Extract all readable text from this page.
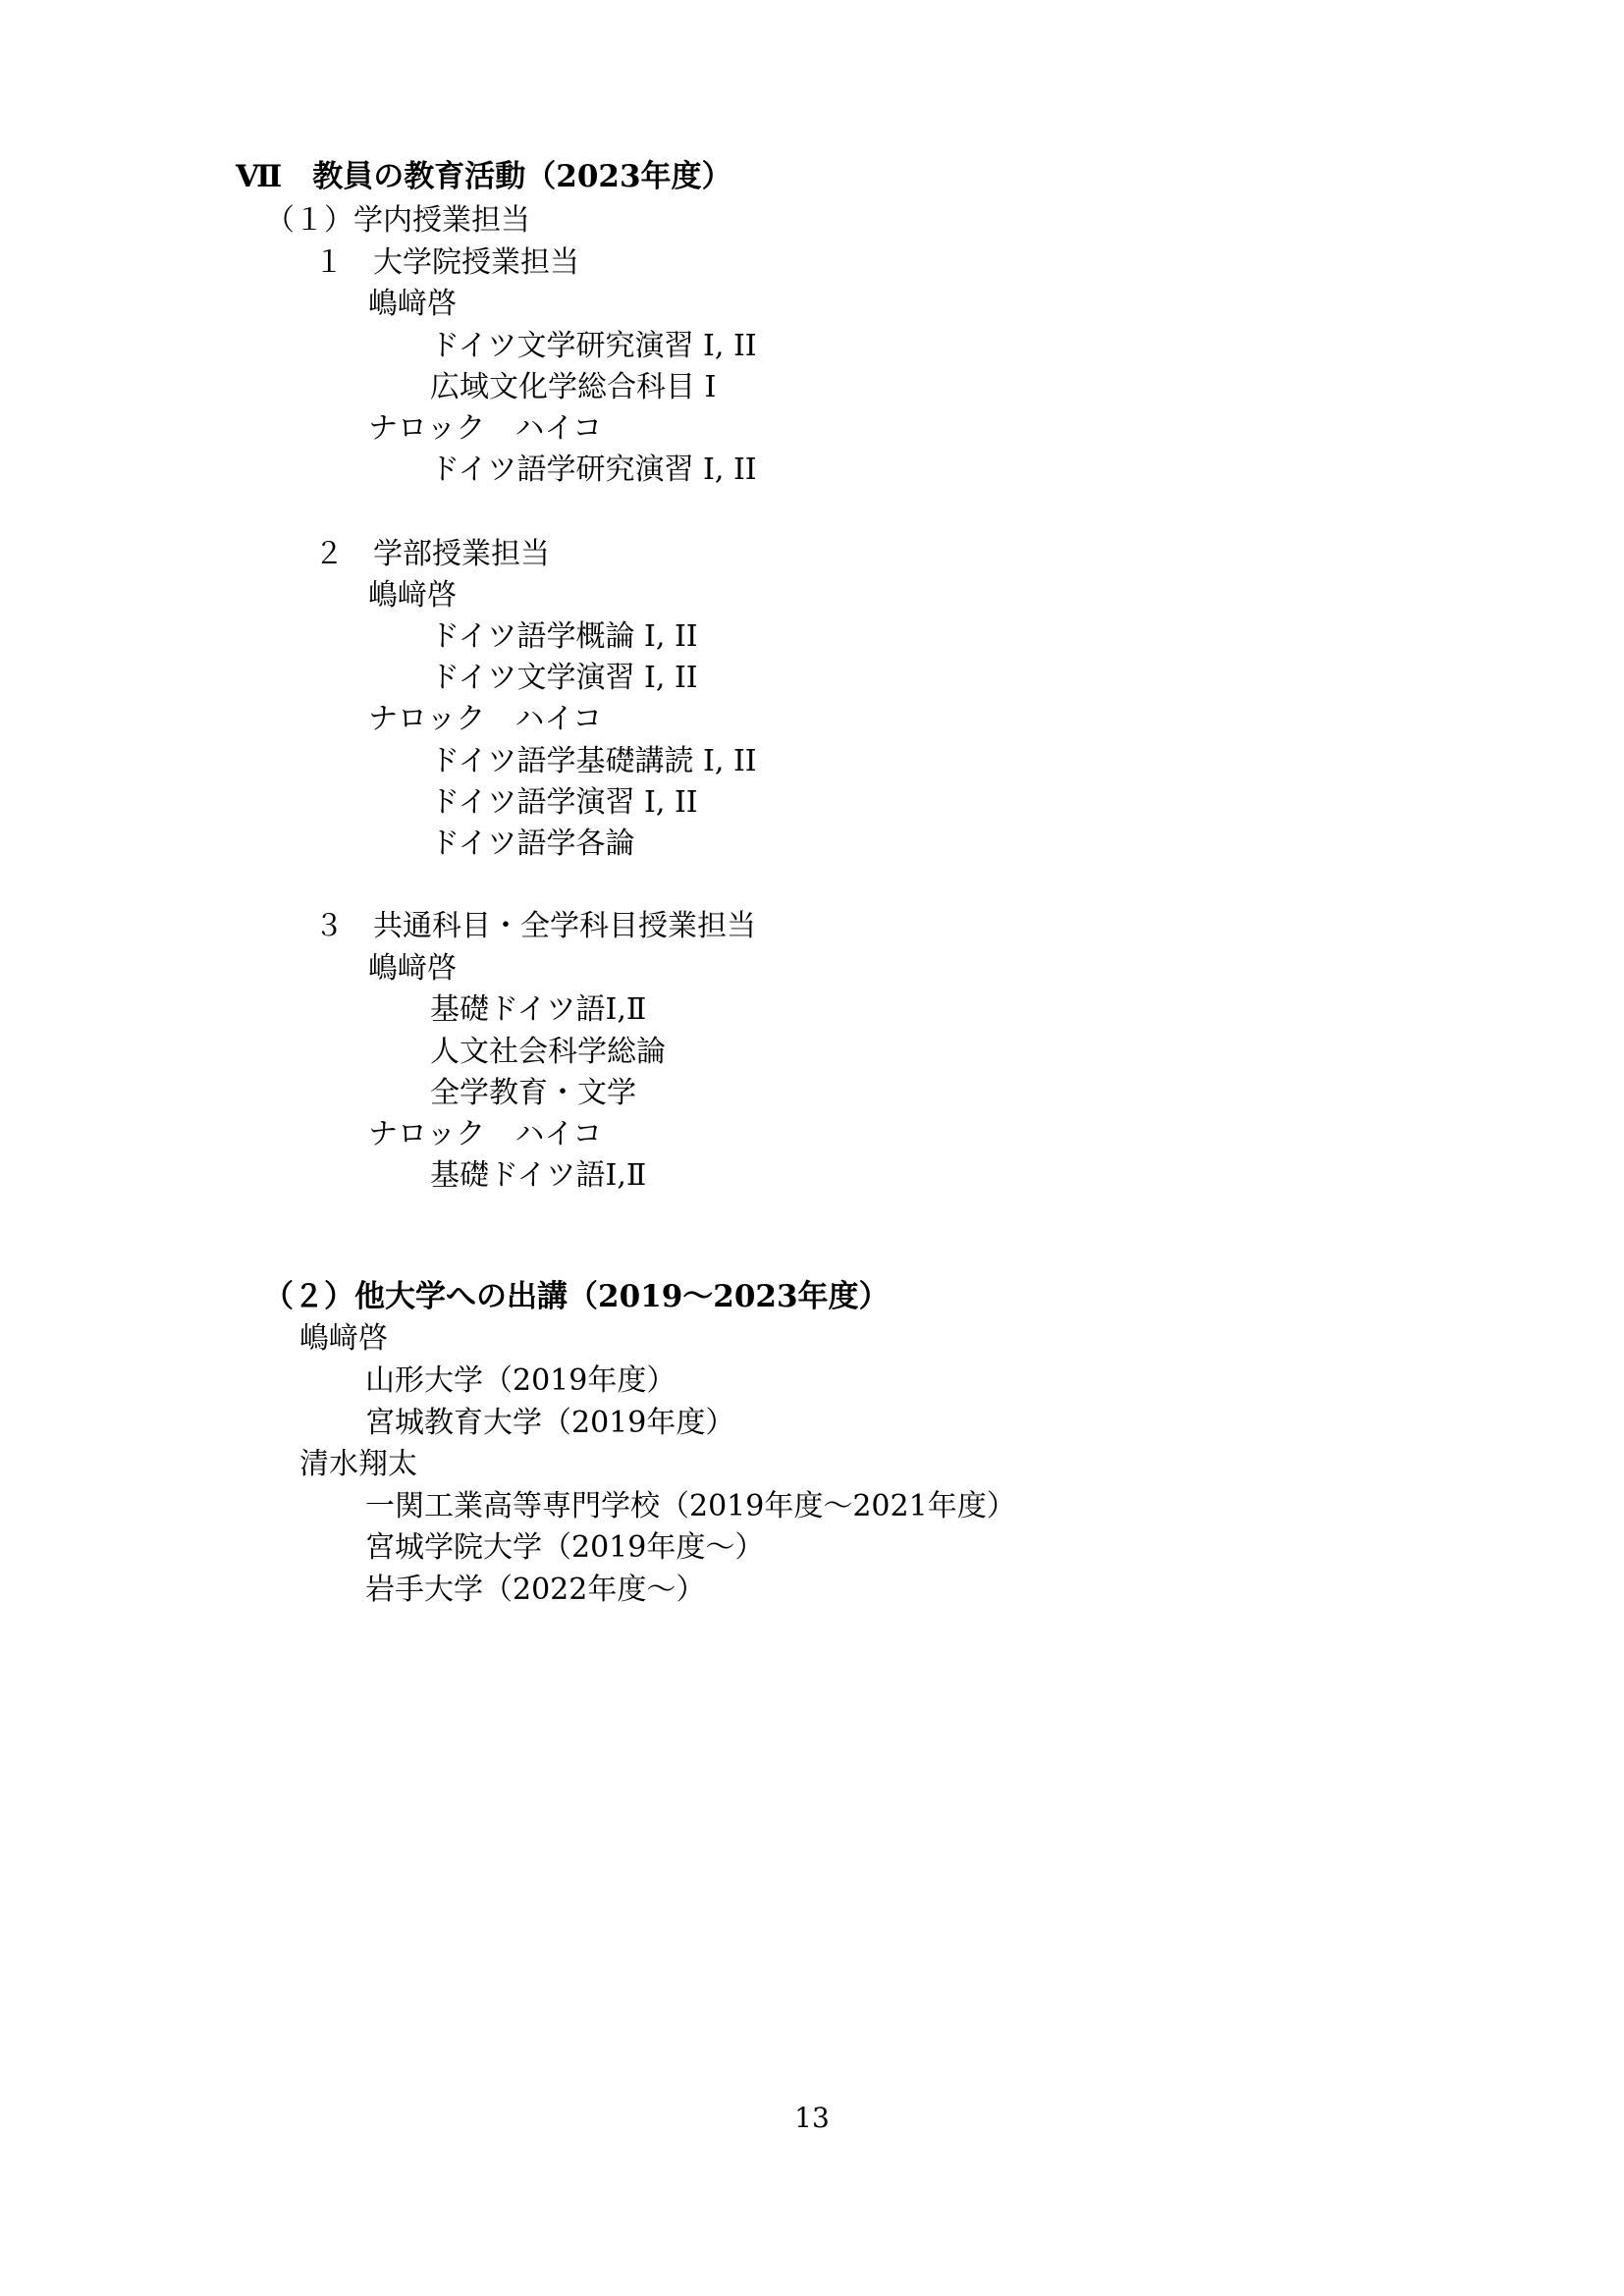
Ⅶ　教員の教育活動（2023年度）
（１）学内授業担当
１　大学院授業担当
嶋﨑啓
ドイツ文学研究演習 I, II
広域文化学総合科目 I
ナロック　ハイコ
ドイツ語学研究演習 I, II
２　学部授業担当
嶋﨑啓
ドイツ語学概論 I, II
ドイツ文学演習 I, II
ナロック　ハイコ
ドイツ語学基礎講読 I, II
ドイツ語学演習 I, II
ドイツ語学各論
３　共通科目・全学科目授業担当
嶋﨑啓
基礎ドイツ語Ⅰ,Ⅱ
人文社会科学総論
全学教育・文学
ナロック　ハイコ
基礎ドイツ語Ⅰ,Ⅱ
（２）他大学への出講（2019～2023年度）
嶋﨑啓
山形大学（2019年度）
宮城教育大学（2019年度）
清水翔太
一関工業高等専門学校（2019年度～2021年度）
宮城学院大学（2019年度～）
岩手大学（2022年度～）
13
